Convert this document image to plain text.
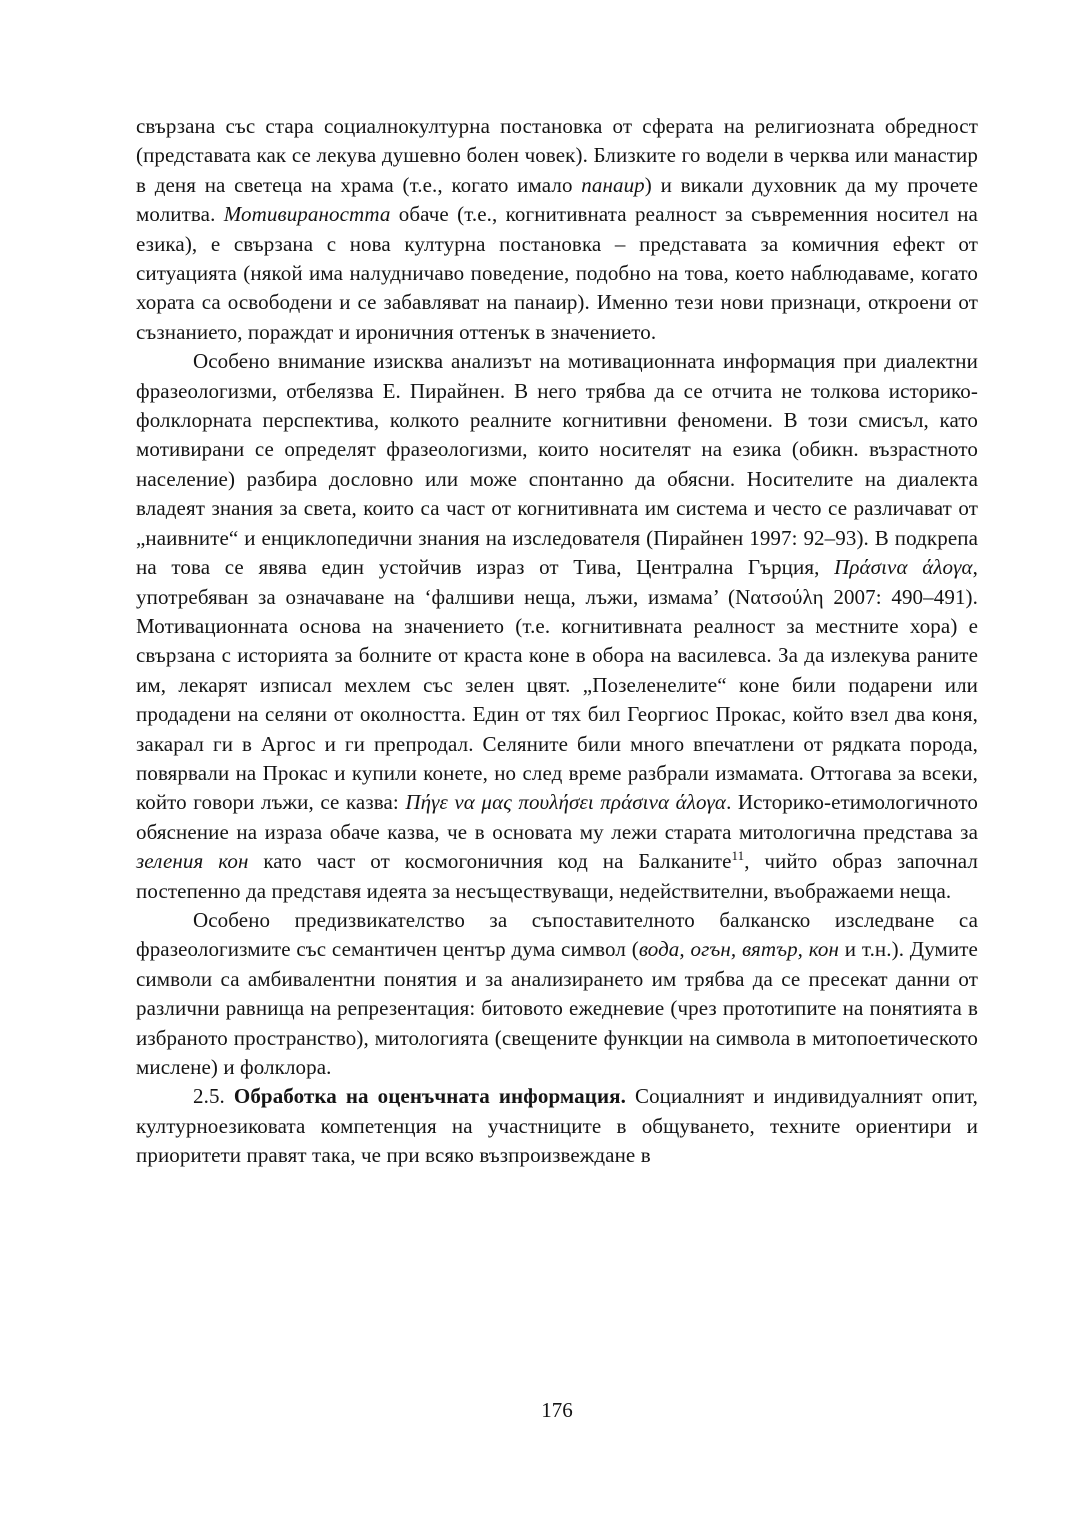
свързана със стара социалнокултурна постановка от сферата на религиозната обредност (представата как се лекува душевно болен човек). Близките го водели в черква или манастир в деня на светеца на храма (т.е., когато имало панаир) и викали духовник да му прочете молитва. Мотивираността обаче (т.е., когнитивната реалност за съвременния носител на езика), е свързана с нова културна постановка – представата за комичния ефект от ситуацията (някой има налудничаво поведение, подобно на това, което наблюдаваме, когато хората са освободени и се забавляват на панаир). Именно тези нови признаци, откроени от съзнанието, пораждат и ироничния оттенък в значението.

Особено внимание изисква анализът на мотивационната информация при диалектни фразеологизми, отбелязва Е. Пирайнен. В него трябва да се отчита не толкова историко-фолклорната перспектива, колкото реалните когнитивни феномени. В този смисъл, като мотивирани се определят фразеологизми, които носителят на езика (обикн. възрастното население) разбира дословно или може спонтанно да обясни. Носителите на диалекта владеят знания за света, които са част от когнитивната им система и често се различават от „наивните“ и енциклопедични знания на изследователя (Пирайнен 1997: 92–93). В подкрепа на това се явява един устойчив израз от Тива, Централна Гърция, Πράσινα άλογα, употребяван за означаване на ‘фалшиви неща, лъжи, измама’ (Νατσούλη 2007: 490–491). Мотивационната основа на значението (т.е. когнитивната реалност за местните хора) е свързана с историята за болните от краста коне в обора на василевса. За да излекува раните им, лекарят изписал мехлем със зелен цвят. „Позеленелите“ коне били подарени или продадени на селяни от околността. Един от тях бил Георгиос Прокас, който взел два коня, закарал ги в Аргос и ги препродал. Селяните били много впечатлени от рядката порода, повярвали на Прокас и купили конете, но след време разбрали измамата. Оттогава за всеки, който говори лъжи, се казва: Πήγε να μας πουλήσει πράσινα άλογα. Историко-етимологичното обяснение на израза обаче казва, че в основата му лежи старата митологична представа за зеления кон като част от космогоничния код на Балканите$^{11}$, чийто образ започнал постепенно да представя идеята за несъществуващи, недействителни, въображаеми неща.

Особено предизвикателство за съпоставителното балканско изследване са фразеологизмите със семантичен център дума символ (вода, огън, вятър, кон и т.н.). Думите символи са амбивалентни понятия и за анализирането им трябва да се пресекат данни от различни равнища на репрезентация: битовото ежедневие (чрез прототипите на понятията в избраното пространство), митологията (свещените функции на символа в митопоетическото мислене) и фолклора.

2.5. Обработка на оценъчната информация. Социалният и индивидуалният опит, културноезиковата компетенция на участниците в общуването, техните ориентири и приоритети правят така, че при всяко възпроизвеждане в

176
